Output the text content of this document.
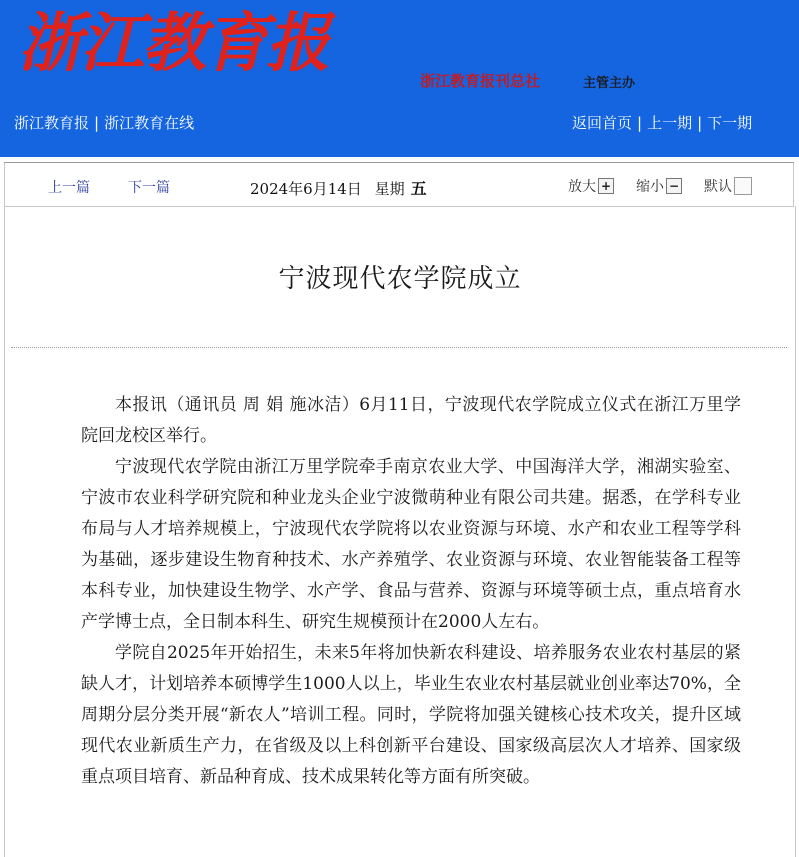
浙江教育报	浙江教育报刊总社	主管主办
浙江教育报 | 浙江教育在线	返回首页 | 上一期 | 下一期
上一篇	下一篇	2024年6月14日 星期 五	放大 + 缩小 − 默认
宁波现代农学院成立

本报讯（通讯员 周 娟 施冰洁）6月11日，宁波现代农学院成立仪式在浙江万里学院回龙校区举行。

宁波现代农学院由浙江万里学院牵手南京农业大学、中国海洋大学，湘湖实验室、宁波市农业科学研究院和种业龙头企业宁波微萌种业有限公司共建。据悉，在学科专业布局与人才培养规模上，宁波现代农学院将以农业资源与环境、水产和农业工程等学科为基础，逐步建设生物育种技术、水产养殖学、农业资源与环境、农业智能装备工程等本科专业，加快建设生物学、水产学、食品与营养、资源与环境等硕士点，重点培育水产学博士点，全日制本科生、研究生规模预计在2000人左右。

学院自2025年开始招生，未来5年将加快新农科建设、培养服务农业农村基层的紧缺人才，计划培养本硕博学生1000人以上，毕业生农业农村基层就业创业率达70%，全周期分层分类开展“新农人”培训工程。同时，学院将加强关键核心技术攻关，提升区域现代农业新质生产力，在省级及以上科创新平台建设、国家级高层次人才培养、国家级重点项目培育、新品种育成、技术成果转化等方面有所突破。
